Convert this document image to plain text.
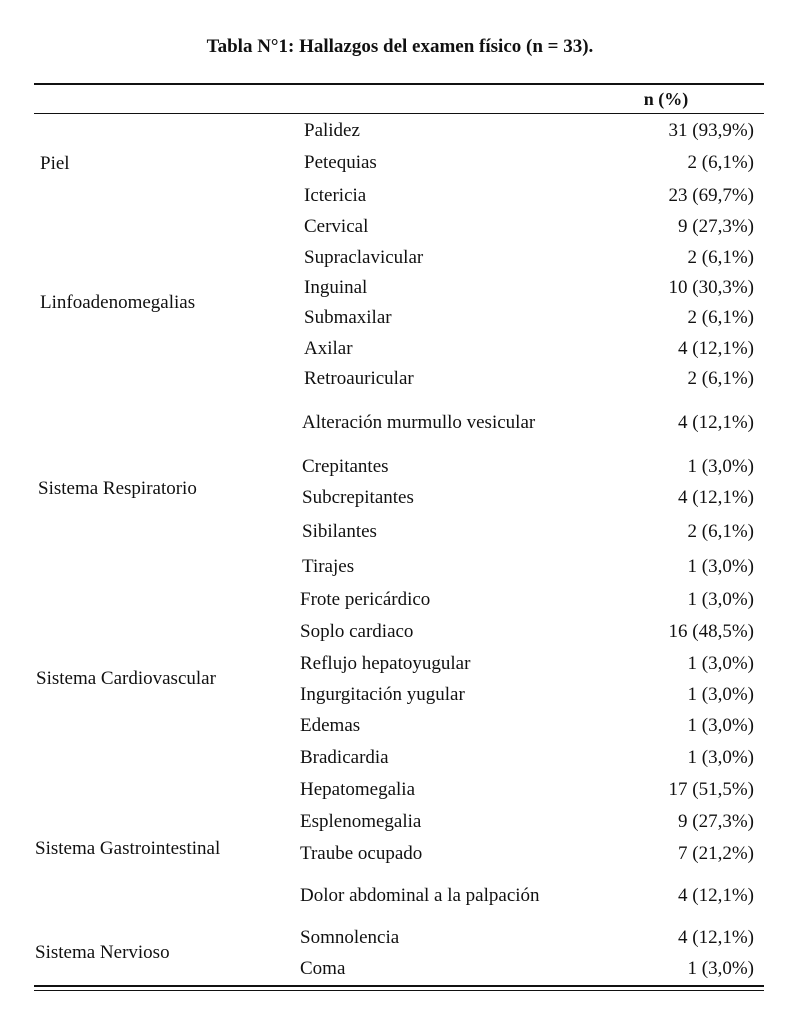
Tabla N°1: Hallazgos del examen físico (n = 33).
n (%)
Piel
Palidez	31 (93,9%)
Petequias	2 (6,1%)
Ictericia	23 (69,7%)
Linfoadenomegalias
Cervical	9 (27,3%)
Supraclavicular	2 (6,1%)
Inguinal	10 (30,3%)
Submaxilar	2 (6,1%)
Axilar	4 (12,1%)
Retroauricular	2 (6,1%)
Sistema Respiratorio
Alteración murmullo vesicular	4 (12,1%)
Crepitantes	1 (3,0%)
Subcrepitantes	4 (12,1%)
Sibilantes	2 (6,1%)
Tirajes	1 (3,0%)
Sistema Cardiovascular
Frote pericárdico	1 (3,0%)
Soplo cardiaco	16 (48,5%)
Reflujo hepatoyugular	1 (3,0%)
Ingurgitación yugular	1 (3,0%)
Edemas	1 (3,0%)
Bradicardia	1 (3,0%)
Sistema Gastrointestinal
Hepatomegalia	17 (51,5%)
Esplenomegalia	9 (27,3%)
Traube ocupado	7 (21,2%)
Dolor abdominal a la palpación	4 (12,1%)
Sistema Nervioso
Somnolencia	4 (12,1%)
Coma	1 (3,0%)
